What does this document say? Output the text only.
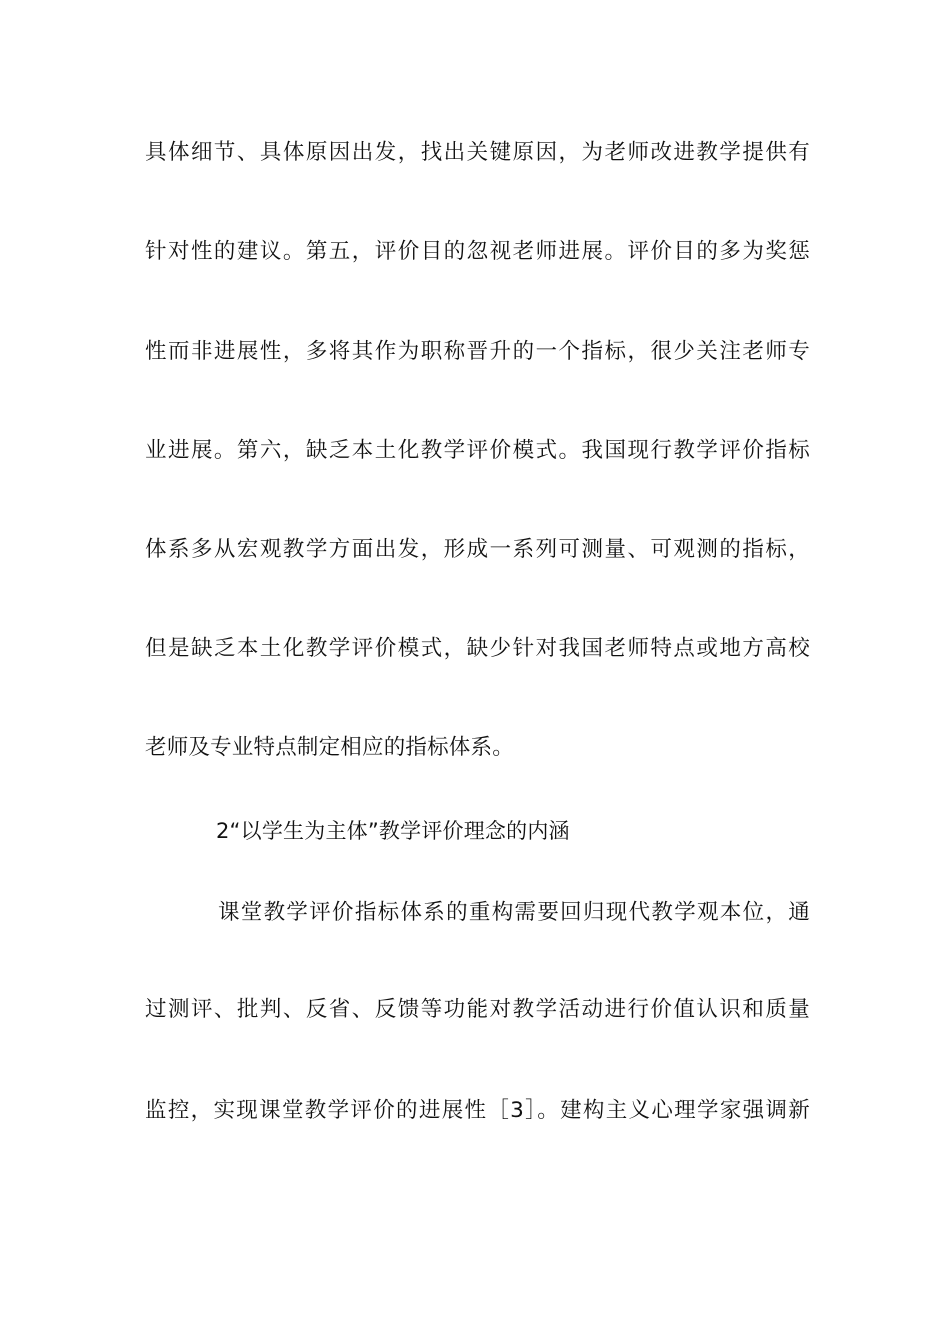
具体细节、具体原因出发，找出关键原因，为老师改进教学提供有
针对性的建议。第五，评价目的忽视老师进展。评价目的多为奖惩
性而非进展性，多将其作为职称晋升的一个指标，很少关注老师专
业进展。第六，缺乏本土化教学评价模式。我国现行教学评价指标
体系多从宏观教学方面出发，形成一系列可测量、可观测的指标，
但是缺乏本土化教学评价模式，缺少针对我国老师特点或地方高校
老师及专业特点制定相应的指标体系。
2“以学生为主体”教学评价理念的内涵
课堂教学评价指标体系的重构需要回归现代教学观本位，通
过测评、批判、反省、反馈等功能对教学活动进行价值认识和质量
监控，实现课堂教学评价的进展性［3］。建构主义心理学家强调新
